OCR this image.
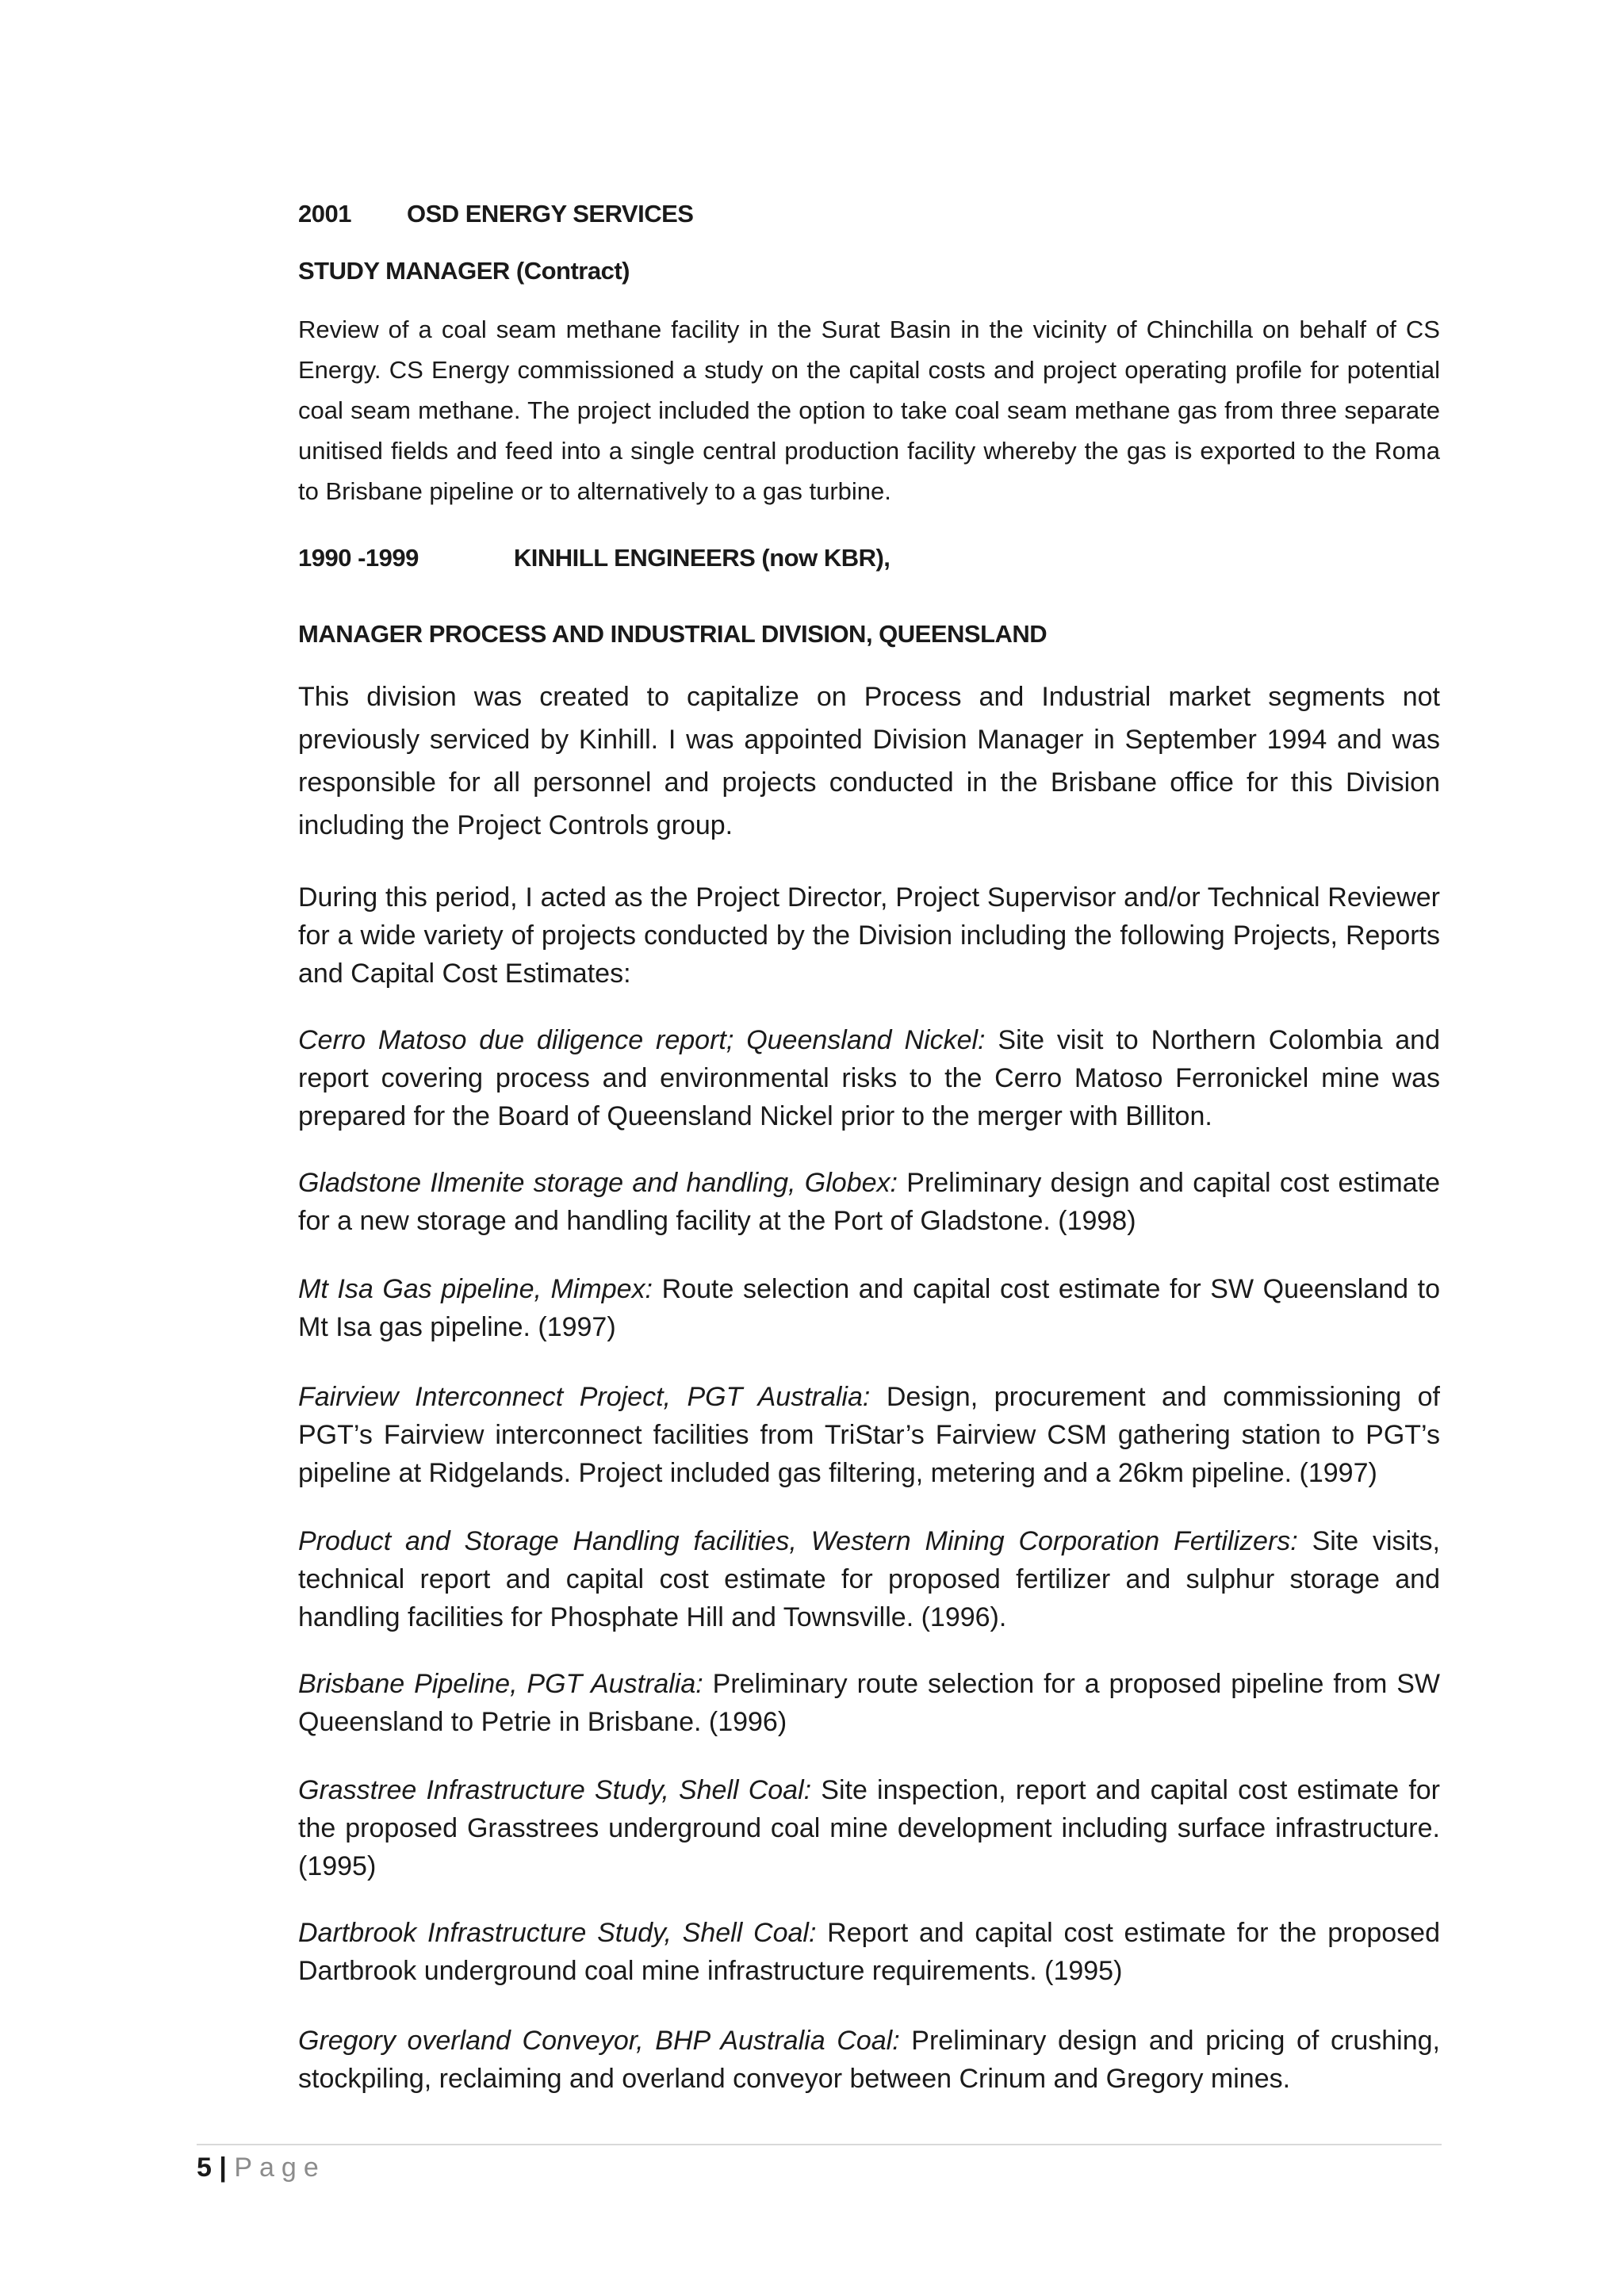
2001 OSD ENERGY SERVICES
STUDY MANAGER (Contract)
Review of a coal seam methane facility in the Surat Basin in the vicinity of Chinchilla on behalf of CS Energy. CS Energy commissioned a study on the capital costs and project operating profile for potential coal seam methane. The project included the option to take coal seam methane gas from three separate unitised fields and feed into a single central production facility whereby the gas is exported to the Roma to Brisbane pipeline or to alternatively to a gas turbine.
1990 -1999	KINHILL ENGINEERS (now KBR),
MANAGER PROCESS AND INDUSTRIAL DIVISION, QUEENSLAND
This division was created to capitalize on Process and Industrial market segments not previously serviced by Kinhill. I was appointed Division Manager in September 1994 and was responsible for all personnel and projects conducted in the Brisbane office for this Division including the Project Controls group.
During this period, I acted as the Project Director, Project Supervisor and/or Technical Reviewer for a wide variety of projects conducted by the Division including the following Projects, Reports and Capital Cost Estimates:
Cerro Matoso due diligence report; Queensland Nickel: Site visit to Northern Colombia and report covering process and environmental risks to the Cerro Matoso Ferronickel mine was prepared for the Board of Queensland Nickel prior to the merger with Billiton.
Gladstone Ilmenite storage and handling, Globex: Preliminary design and capital cost estimate for a new storage and handling facility at the Port of Gladstone. (1998)
Mt Isa Gas pipeline, Mimpex: Route selection and capital cost estimate for SW Queensland to Mt Isa gas pipeline. (1997)
Fairview Interconnect Project, PGT Australia: Design, procurement and commissioning of PGT’s Fairview interconnect facilities from TriStar’s Fairview CSM gathering station to PGT’s pipeline at Ridgelands. Project included gas filtering, metering and a 26km pipeline. (1997)
Product and Storage Handling facilities, Western Mining Corporation Fertilizers: Site visits, technical report and capital cost estimate for proposed fertilizer and sulphur storage and handling facilities for Phosphate Hill and Townsville. (1996).
Brisbane Pipeline, PGT Australia: Preliminary route selection for a proposed pipeline from SW Queensland to Petrie in Brisbane. (1996)
Grasstree Infrastructure Study, Shell Coal: Site inspection, report and capital cost estimate for the proposed Grasstrees underground coal mine development including surface infrastructure. (1995)
Dartbrook Infrastructure Study, Shell Coal: Report and capital cost estimate for the proposed Dartbrook underground coal mine infrastructure requirements. (1995)
Gregory overland Conveyor, BHP Australia Coal: Preliminary design and pricing of crushing, stockpiling, reclaiming and overland conveyor between Crinum and Gregory mines.
5 | Page
